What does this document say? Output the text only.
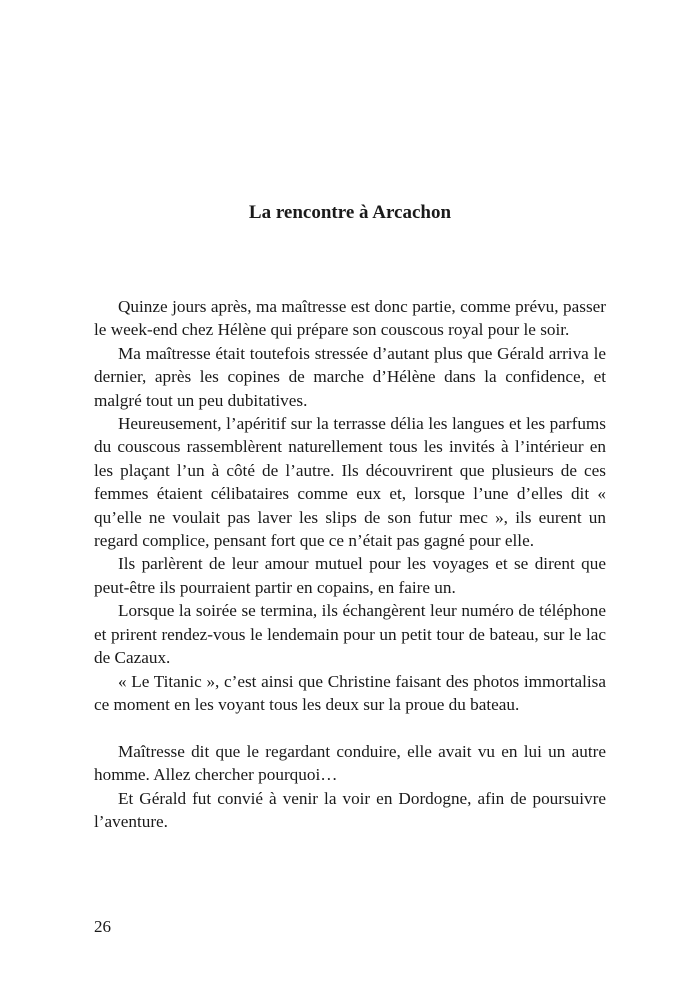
La rencontre à Arcachon

Quinze jours après, ma maîtresse est donc partie, comme prévu, passer le week-end chez Hélène qui prépare son couscous royal pour le soir.

Ma maîtresse était toutefois stressée d’autant plus que Gérald arriva le dernier, après les copines de marche d’Hélène dans la confidence, et malgré tout un peu dubitatives.

Heureusement, l’apéritif sur la terrasse délia les langues et les parfums du couscous rassemblèrent naturellement tous les invités à l’intérieur en les plaçant l’un à côté de l’autre. Ils découvrirent que plusieurs de ces femmes étaient célibataires comme eux et, lorsque l’une d’elles dit « qu’elle ne voulait pas laver les slips de son futur mec », ils eurent un regard complice, pensant fort que ce n’était pas gagné pour elle.

Ils parlèrent de leur amour mutuel pour les voyages et se dirent que peut-être ils pourraient partir en copains, en faire un.

Lorsque la soirée se termina, ils échangèrent leur numéro de téléphone et prirent rendez-vous le lendemain pour un petit tour de bateau, sur le lac de Cazaux.

« Le Titanic », c’est ainsi que Christine faisant des photos immortalisa ce moment en les voyant tous les deux sur la proue du bateau.

Maîtresse dit que le regardant conduire, elle avait vu en lui un autre homme. Allez chercher pourquoi…

Et Gérald fut convié à venir la voir en Dordogne, afin de poursuivre l’aventure.

26
